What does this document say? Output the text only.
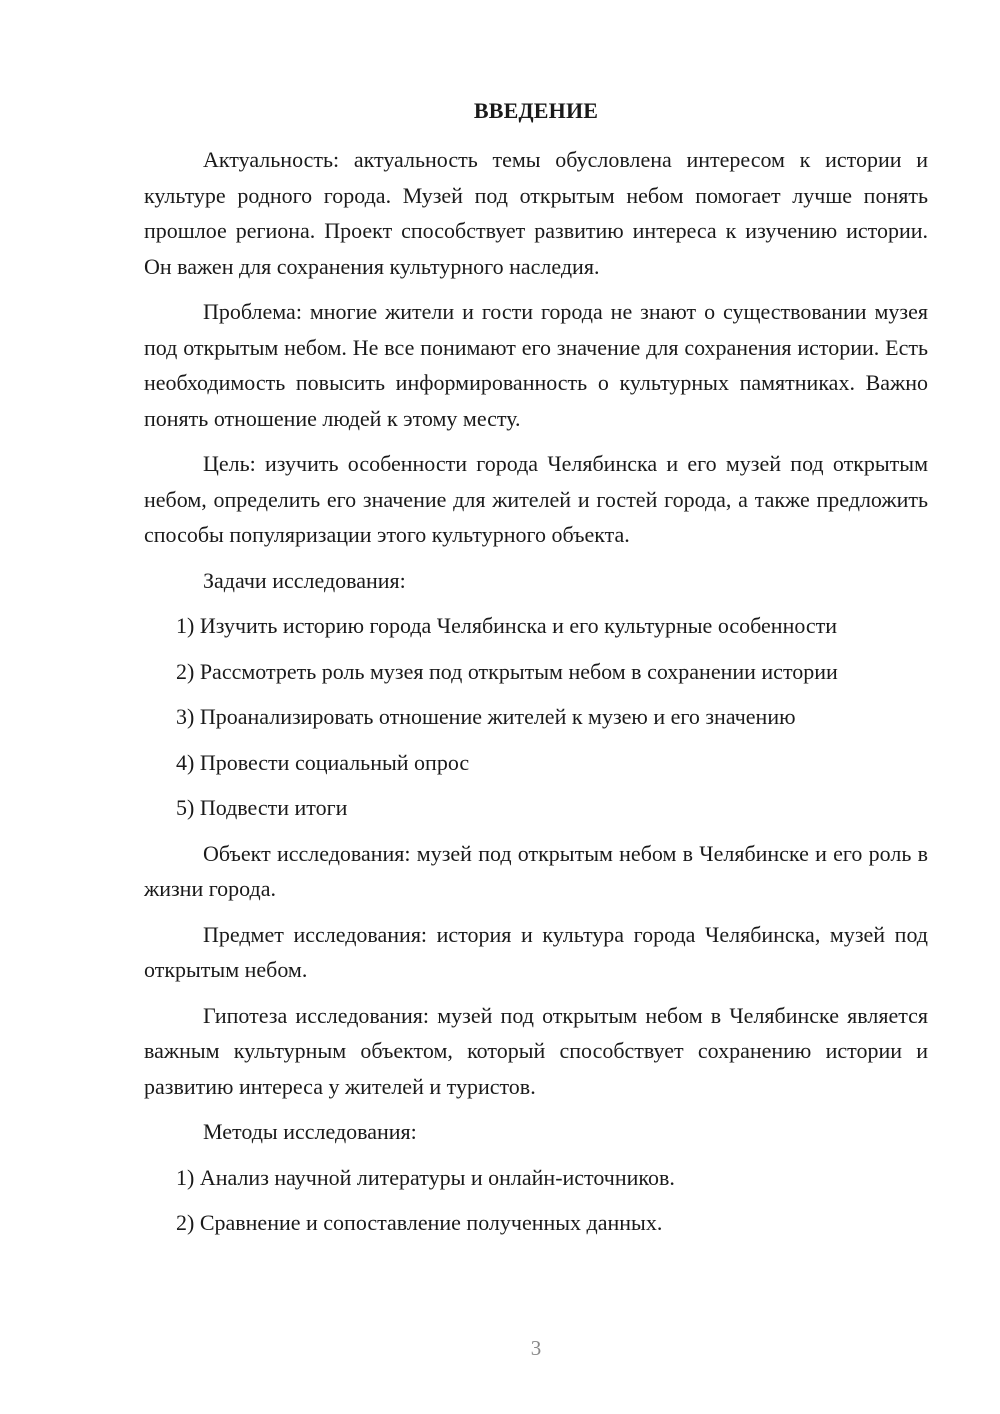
ВВЕДЕНИЕ

Актуальность: актуальность темы обусловлена интересом к истории и культуре родного города. Музей под открытым небом помогает лучше понять прошлое региона. Проект способствует развитию интереса к изучению истории. Он важен для сохранения культурного наследия.

Проблема: многие жители и гости города не знают о существовании музея под открытым небом. Не все понимают его значение для сохранения истории. Есть необходимость повысить информированность о культурных памятниках. Важно понять отношение людей к этому месту.

Цель: изучить особенности города Челябинска и его музей под открытым небом, определить его значение для жителей и гостей города, а также предложить способы популяризации этого культурного объекта.

Задачи исследования:

1) Изучить историю города Челябинска и его культурные особенности

2) Рассмотреть роль музея под открытым небом в сохранении истории

3) Проанализировать отношение жителей к музею и его значению

4) Провести социальный опрос

5) Подвести итоги

Объект исследования: музей под открытым небом в Челябинске и его роль в жизни города.

Предмет исследования: история и культура города Челябинска, музей под открытым небом.

Гипотеза исследования: музей под открытым небом в Челябинске является важным культурным объектом, который способствует сохранению истории и развитию интереса у жителей и туристов.

Методы исследования:

1) Анализ научной литературы и онлайн-источников.

2) Сравнение и сопоставление полученных данных.

3
